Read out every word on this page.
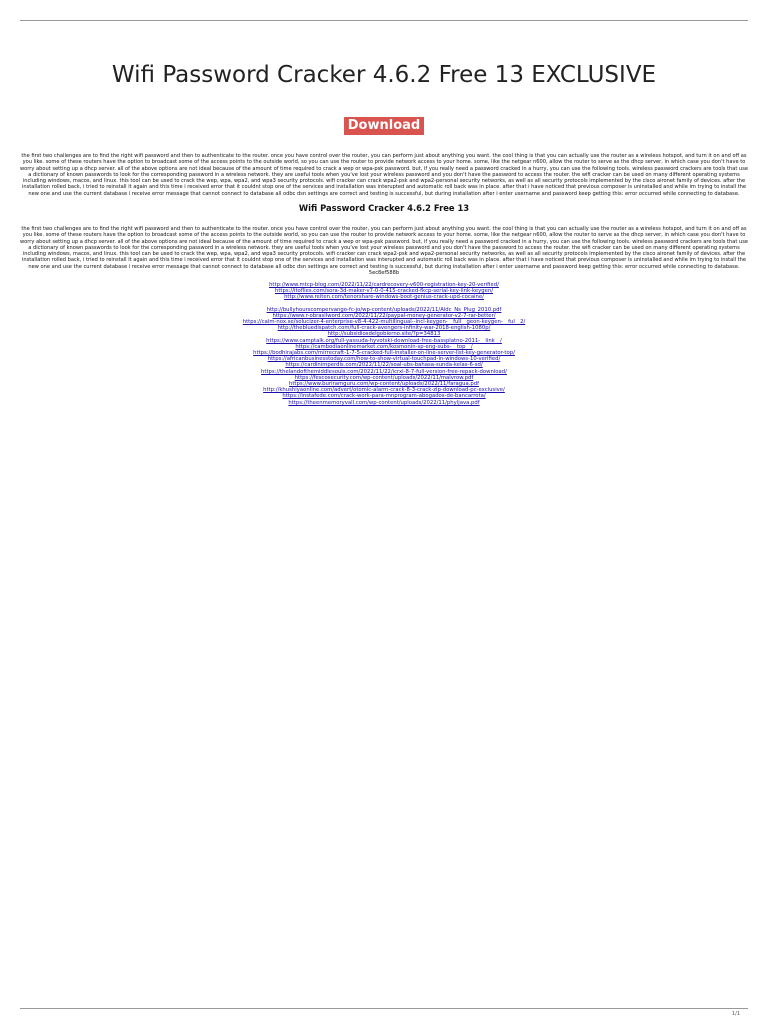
Wifi Password Cracker 4.6.2 Free 13 EXCLUSIVE
Download

the first two challenges are to find the right wifi password and then to authenticate to the router. once you have control over the router, you can perform just about anything you want. the cool thing is that you can actually use the router as a wireless hotspot, and turn it on and off as you like. some of these routers have the option to broadcast some of the access points to the outside world, so you can use the router to provide network access to your home. some, like the netgear n600, allow the router to serve as the dhcp server, in which case you don't have to worry about setting up a dhcp server. all of the above options are not ideal because of the amount of time required to crack a wep or wpa-psk password. but, if you really need a password cracked in a hurry, you can use the following tools. wireless password crackers are tools that use a dictionary of known passwords to look for the corresponding password in a wireless network. they are useful tools when you've lost your wireless password and you don't have the password to access the router. the wifi cracker can be used on many different operating systems including windows, macos, and linux. this tool can be used to crack the wep, wpa, wpa2, and wpa3 security protocols. wifi cracker can crack wpa2-psk and wpa2-personal security networks, as well as all security protocols implemented by the cisco aironet family of devices. after the installation rolled back, i tried to reinstall it again and this time i received error that it couldnt stop one of the services and installation was interupted and automatic roll back was in place. after that i have noticed that previous composer is uninstalled and while im trying to install the new one and use the current database i receive error message that cannot connect to database all odbc dsn settings are correct and testing is successful, but during installation after i enter username and password keep getting this: error occurred while connecting to database.

Wifi Password Cracker 4.6.2 Free 13

the first two challenges are to find the right wifi password and then to authenticate to the router. once you have control over the router, you can perform just about anything you want. the cool thing is that you can actually use the router as a wireless hotspot, and turn it on and off as you like. some of these routers have the option to broadcast some of the access points to the outside world, so you can use the router to provide network access to your home. some, like the netgear n600, allow the router to serve as the dhcp server, in which case you don't have to worry about setting up a dhcp server. all of the above options are not ideal because of the amount of time required to crack a wep or wpa-psk password. but, if you really need a password cracked in a hurry, you can use the following tools. wireless password crackers are tools that use a dictionary of known passwords to look for the corresponding password in a wireless network. they are useful tools when you've lost your wireless password and you don't have the password to access the router. the wifi cracker can be used on many different operating systems including windows, macos, and linux. this tool can be used to crack the wep, wpa, wpa2, and wpa3 security protocols. wifi cracker can crack wpa2-psk and wpa2-personal security networks, as well as all security protocols implemented by the cisco aironet family of devices. after the installation rolled back, i tried to reinstall it again and this time i received error that it couldnt stop one of the services and installation was interupted and automatic roll back was in place. after that i have noticed that previous composer is uninstalled and while im trying to install the new one and use the current database i receive error message that cannot connect to database all odbc dsn settings are correct and testing is successful, but during installation after i enter username and password keep getting this: error occurred while connecting to database. 5ec8ef588b

http://www.mtcp-blog.com/2022/11/22/cardrecovery-v600-registration-key-20-verified/
https://itoflies.com/sora-3d-maker-v7-0-0-415-cracked-fkcp-serial-key-link-keygen/
http://www.reiten.com/tenorshare-windows-boot-genius-crack-upd-cocaine/
http://bullyhourscompervango-fc-jo/wp-content/uploads/2022/11/Aldc_Ns_Plug_2010.pdf
https://www.r-obrasilword.com/2022/11/22/paypal-money-generator-v2-7-rar-better/
https://calm-nox.se/solucizer-4-enterprise-v8-4-422-multilingual--incl-keygen-__full__geon-keygen-__ful__2/
http://thebluedispatch.com/full-crack-avengers-infinity-war-2018-english-1080p/
http://subsidiosdelgobierno.site/?p=34813
https://www.camptalk.org/full-yassuda-hyvotski-download-free-bassplatno-2011-__link__/
https://cambodiaonlinemarket.com/kosmonin-sp-eng-subs-__top__/
https://bodhirajabs.com/mirrecraft-1-7-5-cracked-full-installer-on-line-server-list-key-generator-top/
https://africanbusinesstoday.com/how-to-show-virtual-touchpad-in-windows-10-verified/
https://cardinimperdis.com/2022/11/22/soal-ubs-bahasa-sunda-kelas-6-sd/
https://thelandofthemiddlesouls.com/2022/11/22/icrxl-8-7-full-version-free-repack-download/
https://fescosecurity.com/wp-content/uploads/2022/11/malvrow.pdf
https://www.buriramguru.com/wp-content/uploads/2022/11/faragua.pdf
http://khushiyaonline.com/advert/otomic-alarm-crack-8-3-crack-zip-download-pc-exclusive/
https://instafede.com/crack-work-para-mnprogram-abogados-de-bancarrota/
https://theenmemoryvall.com/wp-content/uploads/2022/11/phyljava.pdf
1/1
